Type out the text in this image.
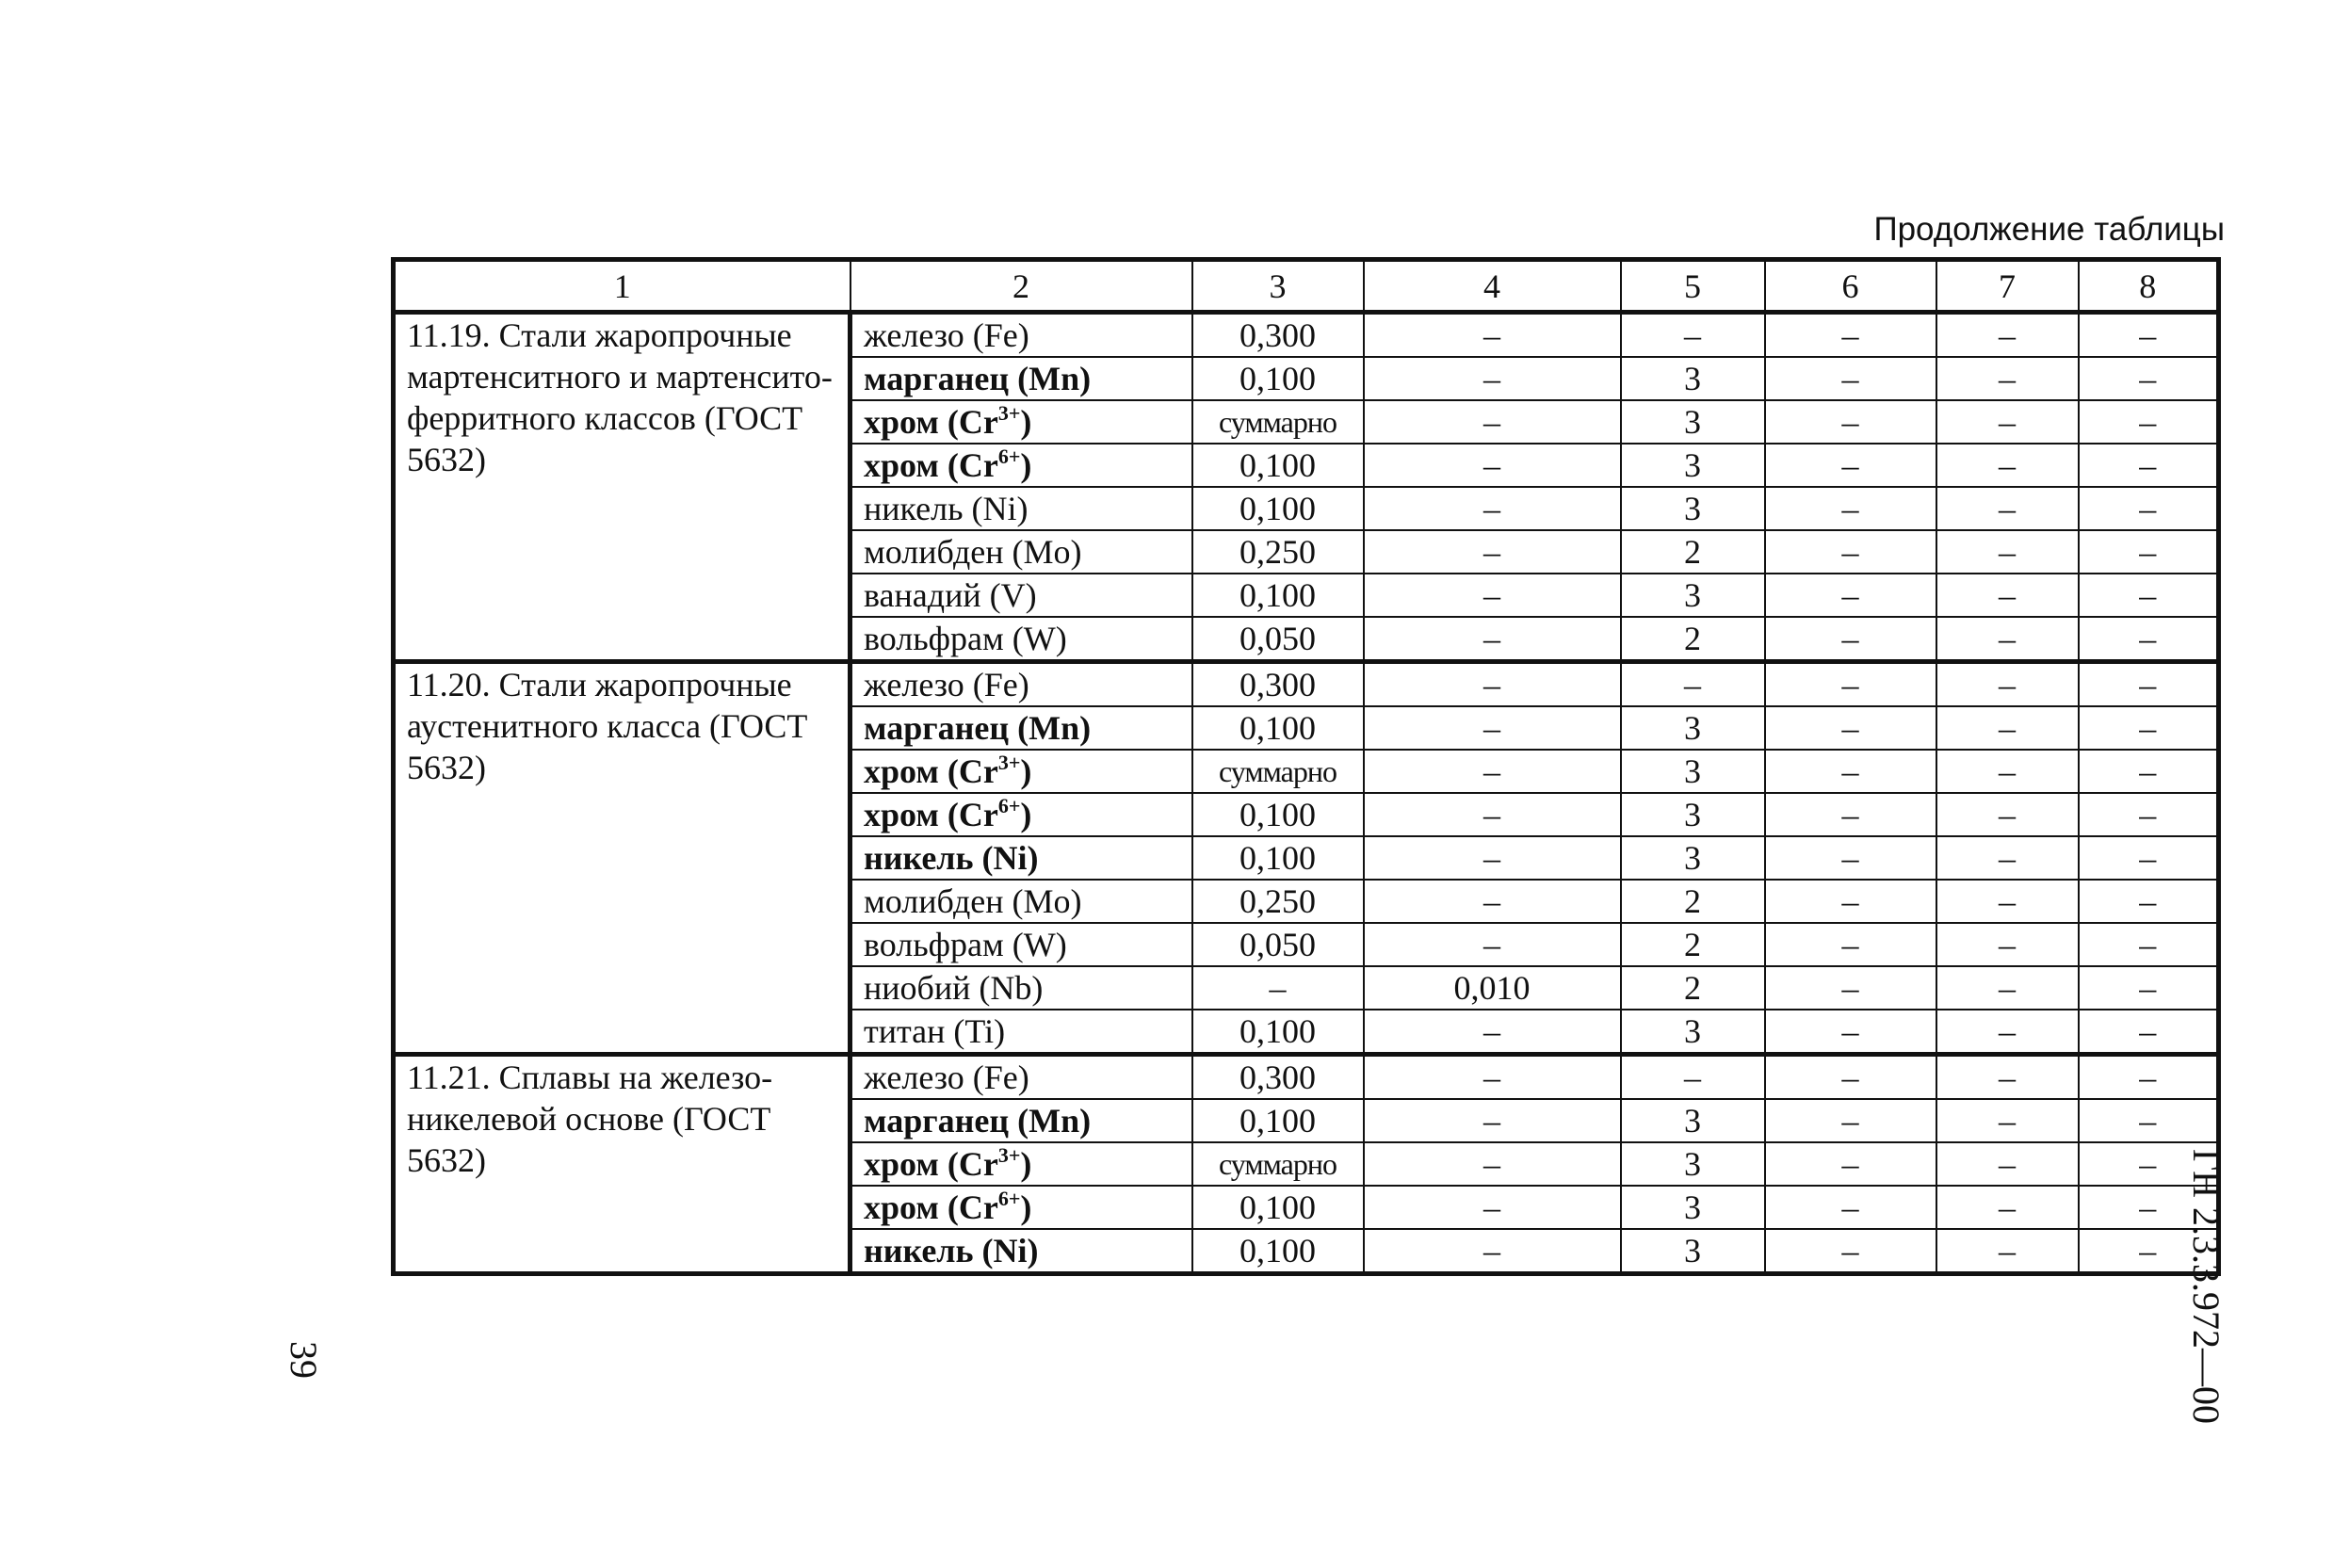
Продолжение таблицы
1	2	3	4	5	6	7	8
11.19. Стали жаропрочные мартенситного и мартенсито-ферритного классов (ГОСТ 5632)	железо (Fe)	0,300	–	–	–	–	–
	марганец (Mn)	0,100	–	3	–	–	–
	хром $(Cr^{3+})$	суммарно	–	3	–	–	–
	хром $(Cr^{6+})$	0,100	–	3	–	–	–
	никель (Ni)	0,100	–	3	–	–	–
	молибден (Mo)	0,250	–	2	–	–	–
	ванадий (V)	0,100	–	3	–	–	–
	вольфрам (W)	0,050	–	2	–	–	–
11.20. Стали жаропрочные аустенитного класса (ГОСТ 5632)	железо (Fe)	0,300	–	–	–	–	–
	марганец (Mn)	0,100	–	3	–	–	–
	хром $(Cr^{3+})$	суммарно	–	3	–	–	–
	хром $(Cr^{6+})$	0,100	–	3	–	–	–
	никель (Ni)	0,100	–	3	–	–	–
	молибден (Mo)	0,250	–	2	–	–	–
	вольфрам (W)	0,050	–	2	–	–	–
	ниобий (Nb)	–	0,010	2	–	–	–
	титан (Ti)	0,100	–	3	–	–	–
11.21. Сплавы на железо-никелевой основе (ГОСТ 5632)	железо (Fe)	0,300	–	–	–	–	–
	марганец (Mn)	0,100	–	3	–	–	–
	хром $(Cr^{3+})$	суммарно	–	3	–	–	–
	хром $(Cr^{6+})$	0,100	–	3	–	–	–
	никель (Ni)	0,100	–	3	–	–	–
39	ГН 2.3.3.972—00
